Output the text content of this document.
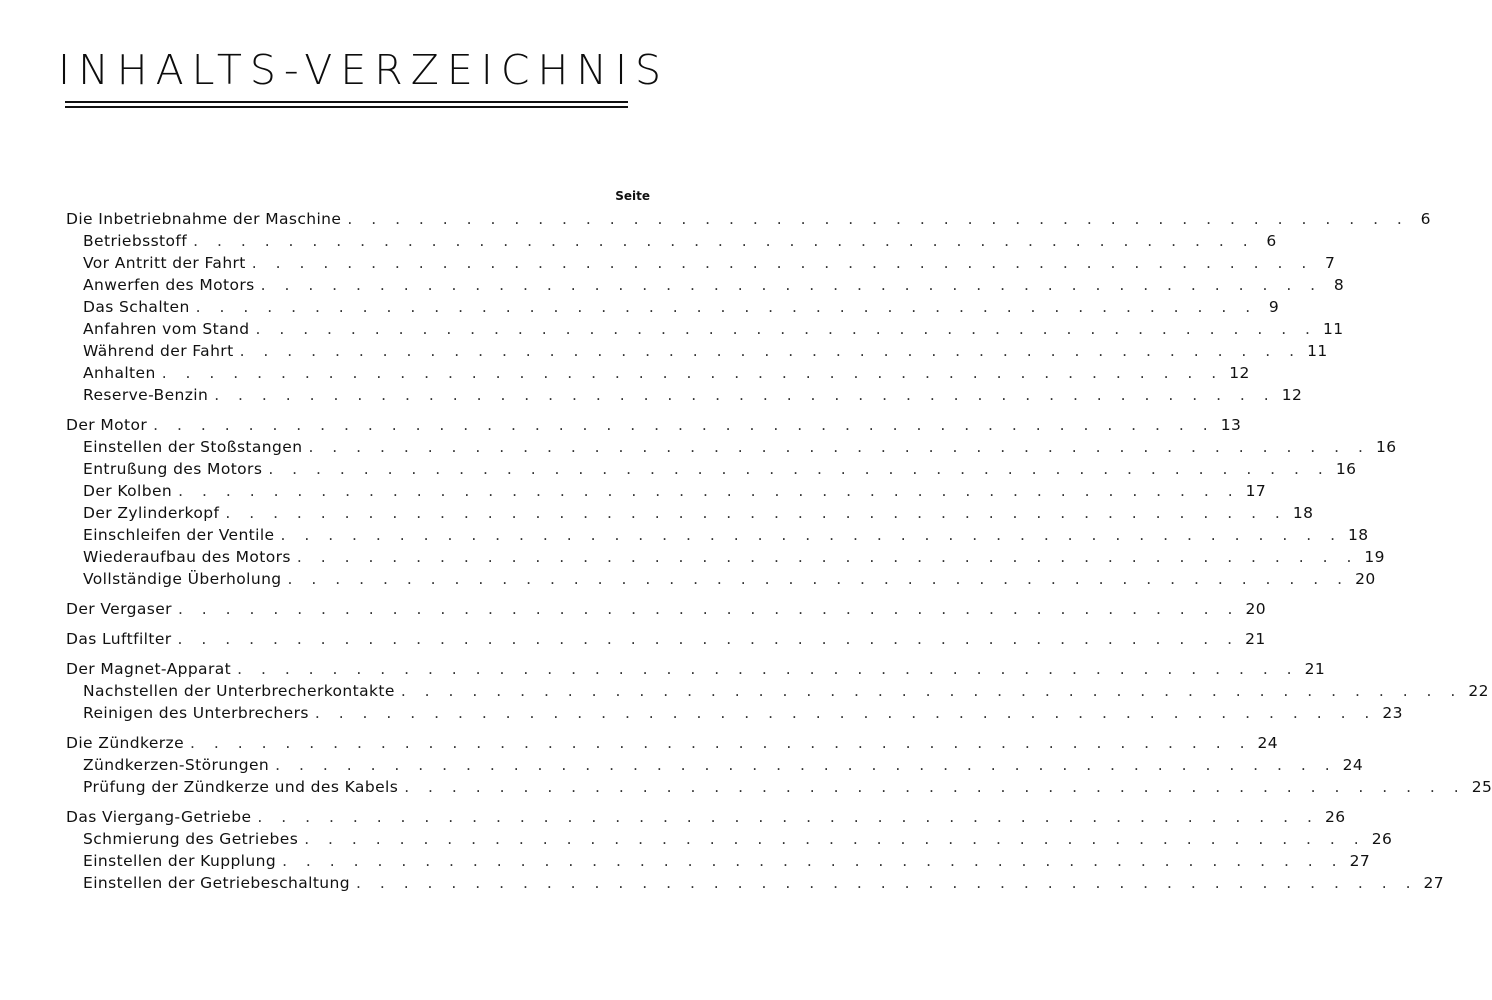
INHALTS-VERZEICHNIS
Seite
Die Inbetriebnahme der Maschine . . . . . . . . . . . . . . . . . . . . . . . . . . . . . . . . . . . . . . . . . . . . . 6
Betriebsstoff . . . . . . . . . . . . . . . . . . . . . . . . . . . . . . . . . . . . . . . . . . . . . 6
Vor Antritt der Fahrt . . . . . . . . . . . . . . . . . . . . . . . . . . . . . . . . . . . . . . . . . . . . . 7
Anwerfen des Motors . . . . . . . . . . . . . . . . . . . . . . . . . . . . . . . . . . . . . . . . . . . . . 8
Das Schalten . . . . . . . . . . . . . . . . . . . . . . . . . . . . . . . . . . . . . . . . . . . . . 9
Anfahren vom Stand . . . . . . . . . . . . . . . . . . . . . . . . . . . . . . . . . . . . . . . . . . . . . 11
Während der Fahrt . . . . . . . . . . . . . . . . . . . . . . . . . . . . . . . . . . . . . . . . . . . . . 11
Anhalten . . . . . . . . . . . . . . . . . . . . . . . . . . . . . . . . . . . . . . . . . . . . . 12
Reserve-Benzin . . . . . . . . . . . . . . . . . . . . . . . . . . . . . . . . . . . . . . . . . . . . . 12
Der Motor . . . . . . . . . . . . . . . . . . . . . . . . . . . . . . . . . . . . . . . . . . . . . 13
Einstellen der Stoßstangen . . . . . . . . . . . . . . . . . . . . . . . . . . . . . . . . . . . . . . . . . . . . . 16
Entrußung des Motors . . . . . . . . . . . . . . . . . . . . . . . . . . . . . . . . . . . . . . . . . . . . . 16
Der Kolben . . . . . . . . . . . . . . . . . . . . . . . . . . . . . . . . . . . . . . . . . . . . . 17
Der Zylinderkopf . . . . . . . . . . . . . . . . . . . . . . . . . . . . . . . . . . . . . . . . . . . . . 18
Einschleifen der Ventile . . . . . . . . . . . . . . . . . . . . . . . . . . . . . . . . . . . . . . . . . . . . . 18
Wiederaufbau des Motors . . . . . . . . . . . . . . . . . . . . . . . . . . . . . . . . . . . . . . . . . . . . . 19
Vollständige Überholung . . . . . . . . . . . . . . . . . . . . . . . . . . . . . . . . . . . . . . . . . . . . . 20
Der Vergaser . . . . . . . . . . . . . . . . . . . . . . . . . . . . . . . . . . . . . . . . . . . . . 20
Das Luftfilter . . . . . . . . . . . . . . . . . . . . . . . . . . . . . . . . . . . . . . . . . . . . . 21
Der Magnet-Apparat . . . . . . . . . . . . . . . . . . . . . . . . . . . . . . . . . . . . . . . . . . . . . 21
Nachstellen der Unterbrecherkontakte . . . . . . . . . . . . . . . . . . . . . . . . . . . . . . . . . . . . . . . . . . . . . 22
Reinigen des Unterbrechers . . . . . . . . . . . . . . . . . . . . . . . . . . . . . . . . . . . . . . . . . . . . . 23
Die Zündkerze . . . . . . . . . . . . . . . . . . . . . . . . . . . . . . . . . . . . . . . . . . . . . 24
Zündkerzen-Störungen . . . . . . . . . . . . . . . . . . . . . . . . . . . . . . . . . . . . . . . . . . . . . 24
Prüfung der Zündkerze und des Kabels . . . . . . . . . . . . . . . . . . . . . . . . . . . . . . . . . . . . . . . . . . . . . 25
Das Viergang-Getriebe . . . . . . . . . . . . . . . . . . . . . . . . . . . . . . . . . . . . . . . . . . . . . 26
Schmierung des Getriebes . . . . . . . . . . . . . . . . . . . . . . . . . . . . . . . . . . . . . . . . . . . . . 26
Einstellen der Kupplung . . . . . . . . . . . . . . . . . . . . . . . . . . . . . . . . . . . . . . . . . . . . . 27
Einstellen der Getriebeschaltung . . . . . . . . . . . . . . . . . . . . . . . . . . . . . . . . . . . . . . . . . . . . . 27
